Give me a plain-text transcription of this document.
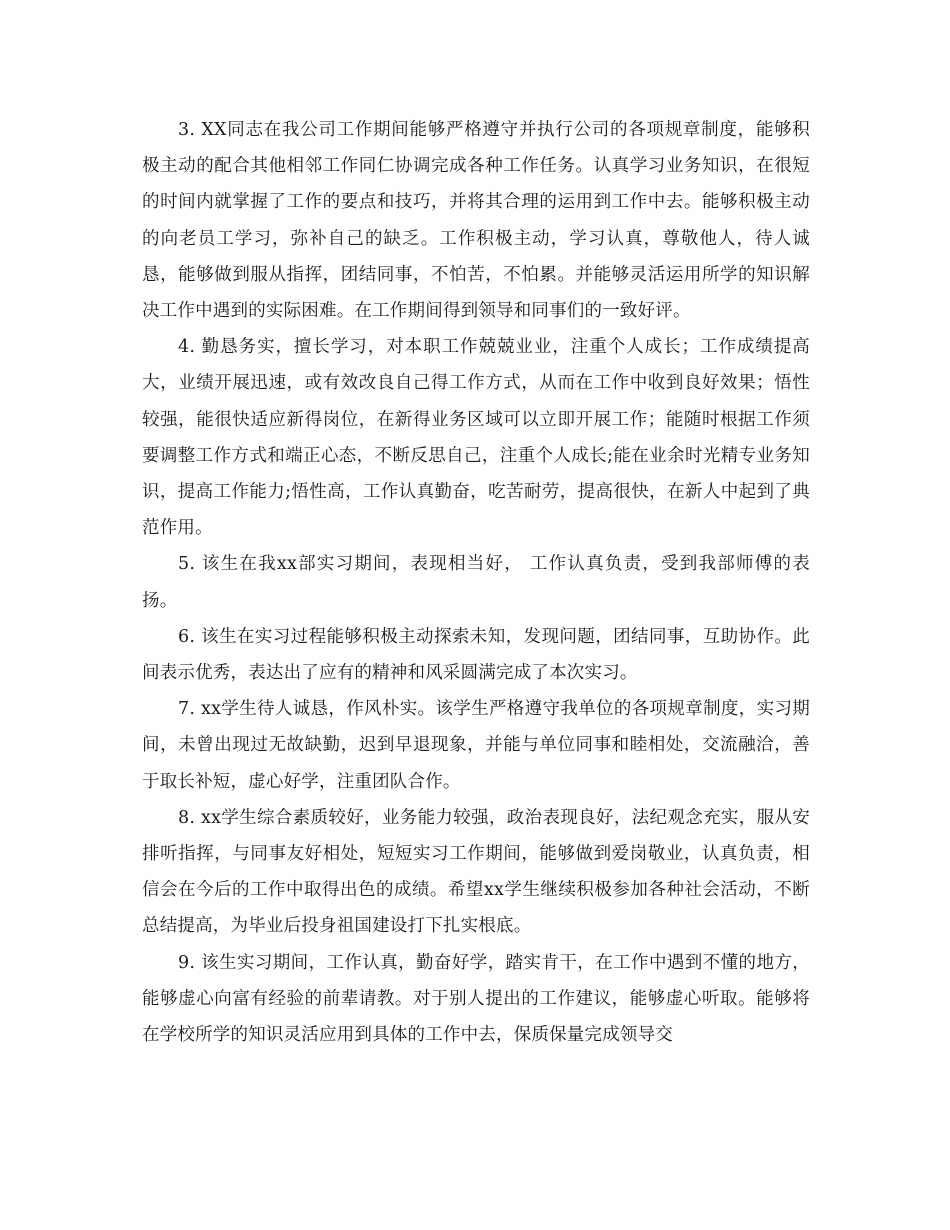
3. XX同志在我公司工作期间能够严格遵守并执行公司的各项规章制度，能够积极主动的配合其他相邻工作同仁协调完成各种工作任务。认真学习业务知识，在很短的时间内就掌握了工作的要点和技巧，并将其合理的运用到工作中去。能够积极主动的向老员工学习，弥补自己的缺乏。工作积极主动，学习认真，尊敬他人，待人诚恳，能够做到服从指挥，团结同事，不怕苦，不怕累。并能够灵活运用所学的知识解决工作中遇到的实际困难。在工作期间得到领导和同事们的一致好评。

4. 勤恳务实，擅长学习，对本职工作兢兢业业，注重个人成长；工作成绩提高大，业绩开展迅速，或有效改良自己得工作方式，从而在工作中收到良好效果；悟性较强，能很快适应新得岗位，在新得业务区域可以立即开展工作；能随时根据工作须要调整工作方式和端正心态，不断反思自己，注重个人成长;能在业余时光精专业务知识，提高工作能力;悟性高，工作认真勤奋，吃苦耐劳，提高很快，在新人中起到了典范作用。

5. 该生在我xx部实习期间，表现相当好， 工作认真负责，受到我部师傅的表扬。

6. 该生在实习过程能够积极主动探索未知，发现问题，团结同事，互助协作。此间表示优秀，表达出了应有的精神和风采圆满完成了本次实习。

7. xx学生待人诚恳，作风朴实。该学生严格遵守我单位的各项规章制度，实习期间，未曾出现过无故缺勤，迟到早退现象，并能与单位同事和睦相处，交流融洽，善于取长补短，虚心好学，注重团队合作。

8. xx学生综合素质较好，业务能力较强，政治表现良好，法纪观念充实，服从安排听指挥，与同事友好相处，短短实习工作期间，能够做到爱岗敬业，认真负责，相信会在今后的工作中取得出色的成绩。希望xx学生继续积极参加各种社会活动，不断总结提高，为毕业后投身祖国建设打下扎实根底。

9. 该生实习期间，工作认真，勤奋好学，踏实肯干，在工作中遇到不懂的地方，能够虚心向富有经验的前辈请教。对于别人提出的工作建议，能够虚心听取。能够将在学校所学的知识灵活应用到具体的工作中去，保质保量完成领导交
